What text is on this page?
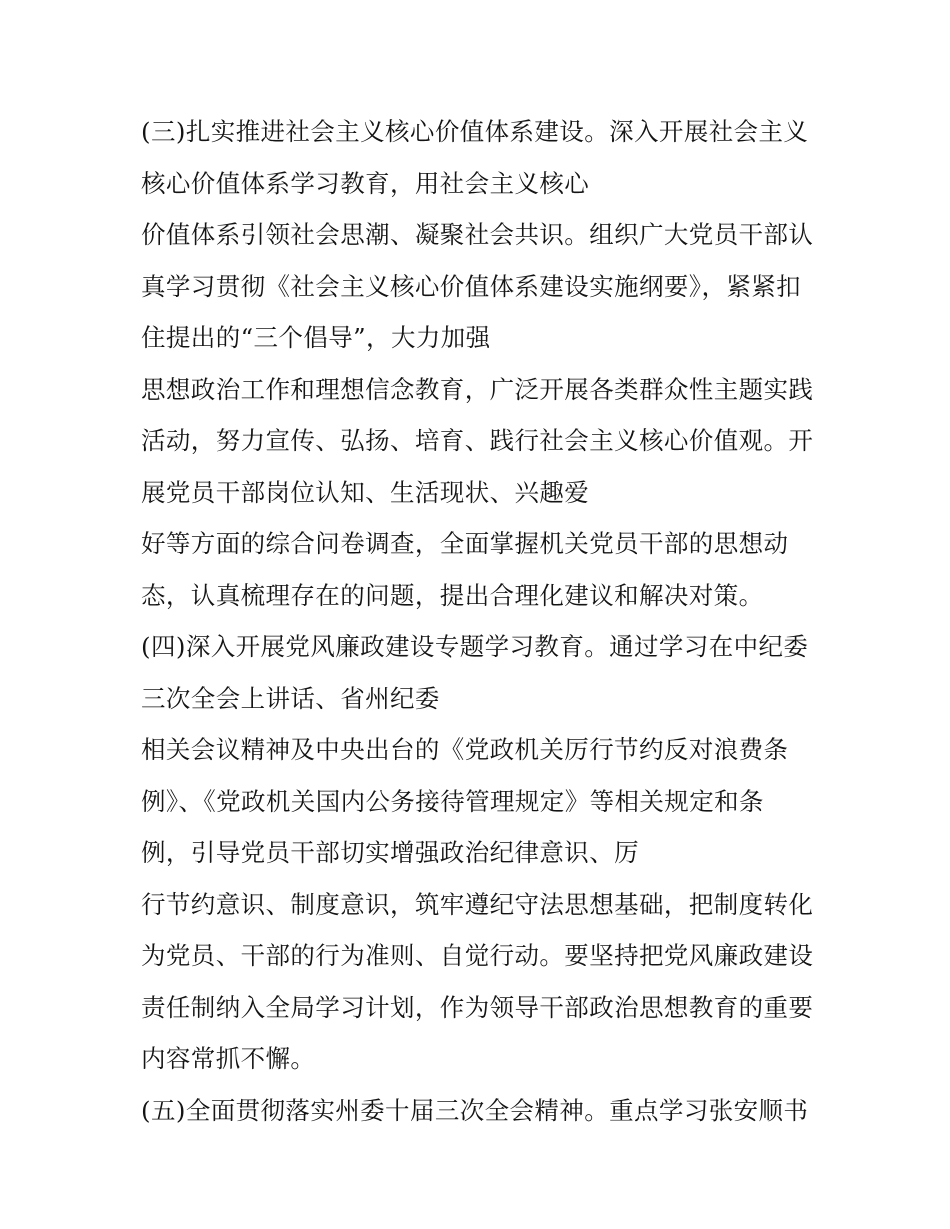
(三)扎实推进社会主义核心价值体系建设。深入开展社会主义
核心价值体系学习教育，用社会主义核心
价值体系引领社会思潮、凝聚社会共识。组织广大党员干部认
真学习贯彻《社会主义核心价值体系建设实施纲要》，紧紧扣
住提出的“三个倡导”，大力加强
思想政治工作和理想信念教育，广泛开展各类群众性主题实践
活动，努力宣传、弘扬、培育、践行社会主义核心价值观。开
展党员干部岗位认知、生活现状、兴趣爱
好等方面的综合问卷调查，全面掌握机关党员干部的思想动
态，认真梳理存在的问题，提出合理化建议和解决对策。
(四)深入开展党风廉政建设专题学习教育。通过学习在中纪委
三次全会上讲话、省州纪委
相关会议精神及中央出台的《党政机关厉行节约反对浪费条
例》、《党政机关国内公务接待管理规定》等相关规定和条
例，引导党员干部切实增强政治纪律意识、厉
行节约意识、制度意识，筑牢遵纪守法思想基础，把制度转化
为党员、干部的行为准则、自觉行动。要坚持把党风廉政建设
责任制纳入全局学习计划，作为领导干部政治思想教育的重要
内容常抓不懈。
(五)全面贯彻落实州委十届三次全会精神。重点学习张安顺书
